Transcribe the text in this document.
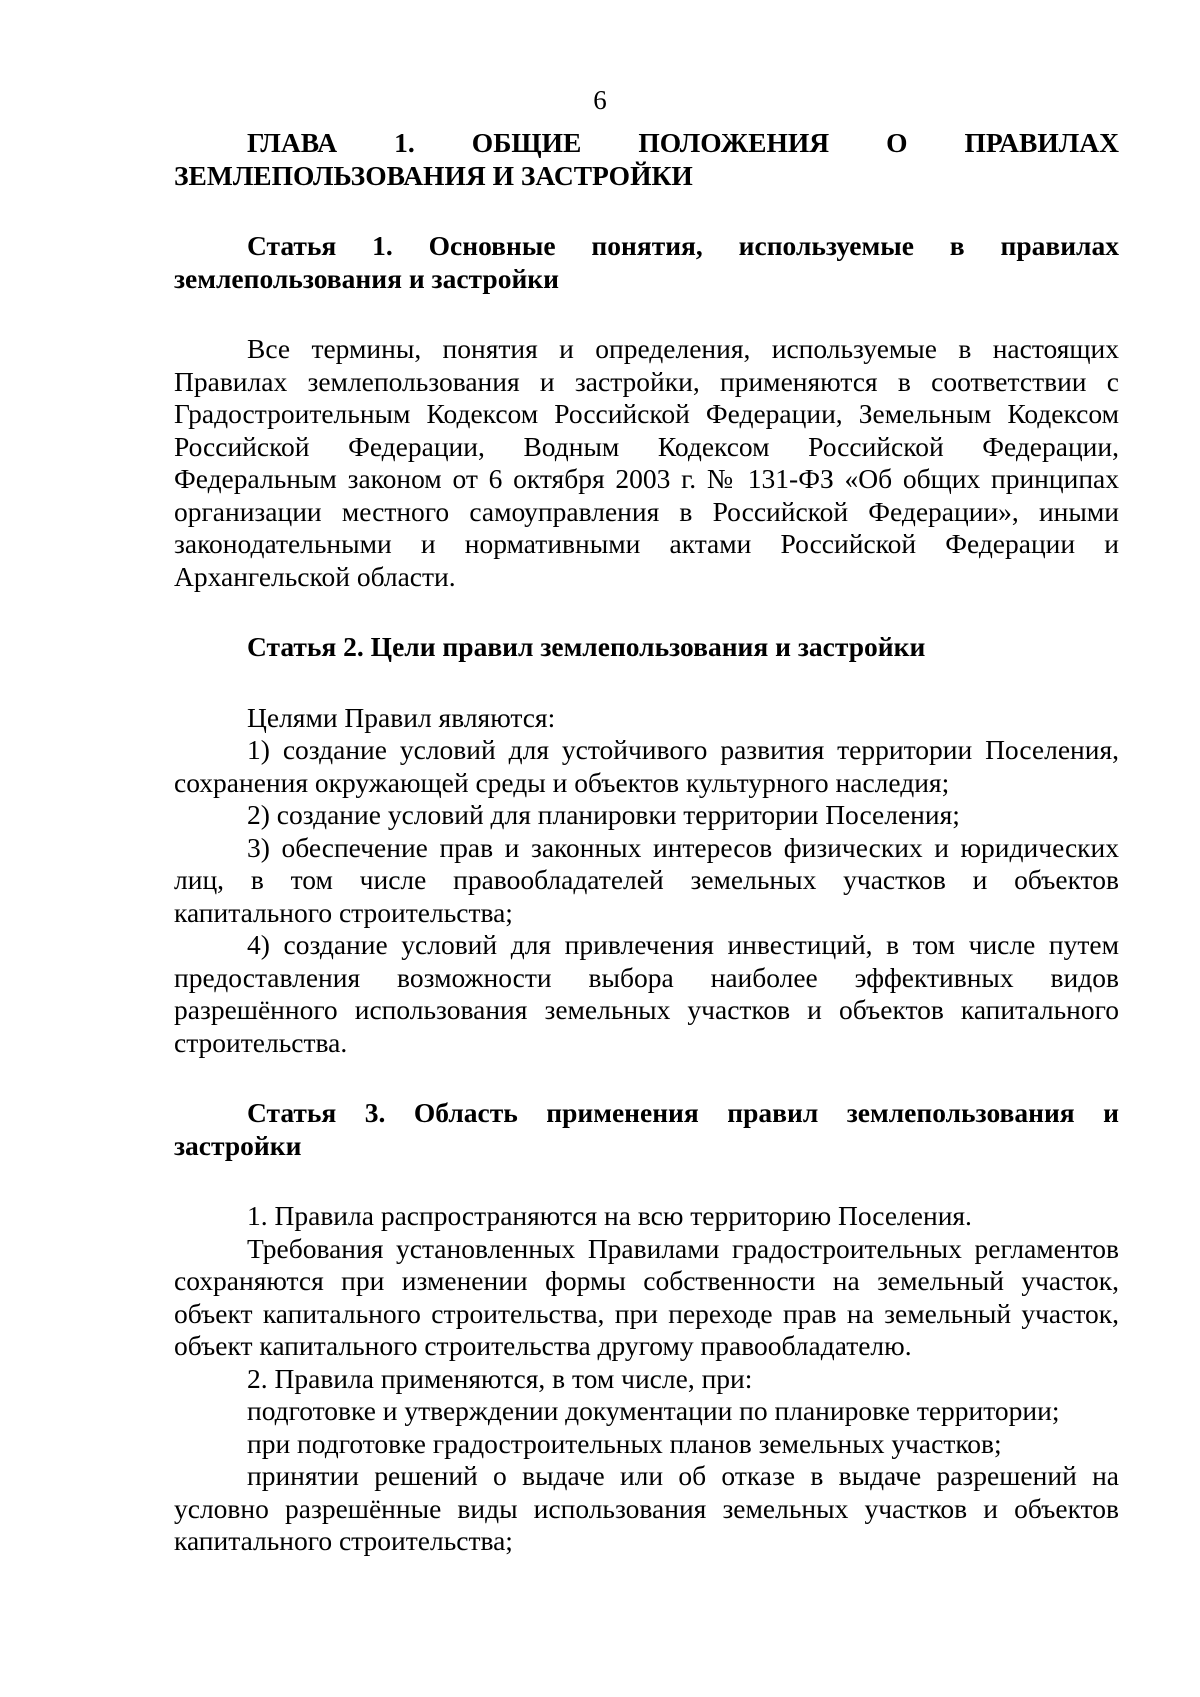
6

ГЛАВА 1. ОБЩИЕ ПОЛОЖЕНИЯ О ПРАВИЛАХ ЗЕМЛЕПОЛЬЗОВАНИЯ И ЗАСТРОЙКИ

Статья 1. Основные понятия, используемые в правилах землепользования и застройки

Все термины, понятия и определения, используемые в настоящих Правилах землепользования и застройки, применяются в соответствии с Градостроительным Кодексом Российской Федерации, Земельным Кодексом Российской Федерации, Водным Кодексом Российской Федерации, Федеральным законом от 6 октября 2003 г. № 131-ФЗ «Об общих принципах организации местного самоуправления в Российской Федерации», иными законодательными и нормативными актами Российской Федерации и Архангельской области.

Статья 2. Цели правил землепользования и застройки

Целями Правил являются:

1) создание условий для устойчивого развития территории Поселения, сохранения окружающей среды и объектов культурного наследия;

2) создание условий для планировки территории Поселения;

3) обеспечение прав и законных интересов физических и юридических лиц, в том числе правообладателей земельных участков и объектов капитального строительства;

4) создание условий для привлечения инвестиций, в том числе путем предоставления возможности выбора наиболее эффективных видов разрешённого использования земельных участков и объектов капитального строительства.

Статья 3. Область применения правил землепользования и застройки

1. Правила распространяются на всю территорию Поселения.

Требования установленных Правилами градостроительных регламентов сохраняются при изменении формы собственности на земельный участок, объект капитального строительства, при переходе прав на земельный участок, объект капитального строительства другому правообладателю.

2. Правила применяются, в том числе, при:

подготовке и утверждении документации по планировке территории;

при подготовке градостроительных планов земельных участков;

принятии решений о выдаче или об отказе в выдаче разрешений на условно разрешённые виды использования земельных участков и объектов капитального строительства;
